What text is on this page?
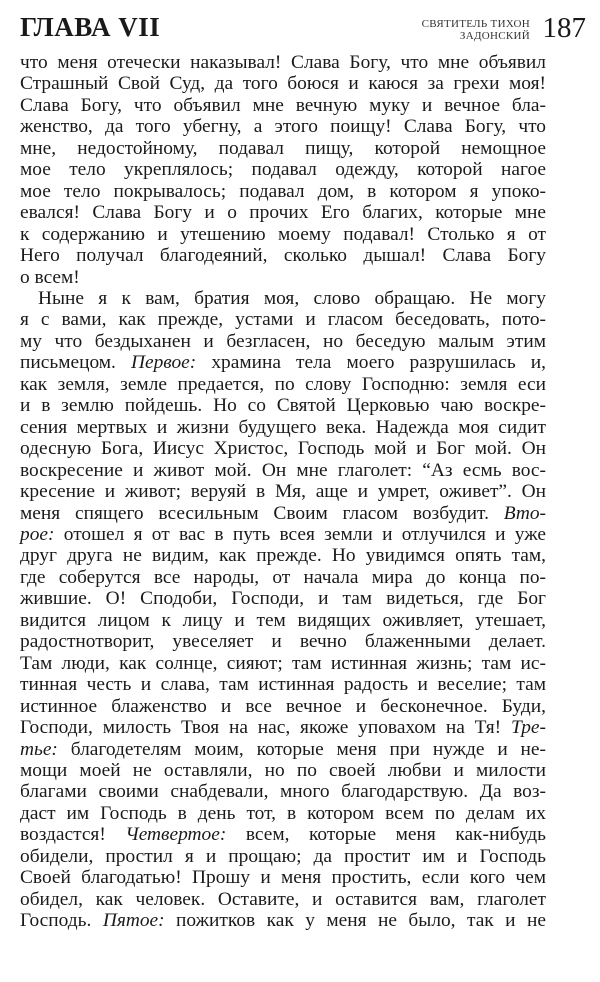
ГЛАВА VII	СВЯТИТЕЛЬ ТИХОН
ЗАДОНСКИЙ 187
что меня отечески наказывал! Слава Богу, что мне объявил
Страшный Свой Суд, да того боюся и каюся за грехи моя!
Слава Богу, что объявил мне вечную муку и вечное бла-
женство, да того убегну, а этого поищу! Слава Богу, что
мне, недостойному, подавал пищу, которой немощное
мое тело укреплялось; подавал одежду, которой нагое
мое тело покрывалось; подавал дом, в котором я упоко-
евался! Слава Богу и о прочих Его благих, которые мне
к содержанию и утешению моему подавал! Столько я от
Него получал благодеяний, сколько дышал! Слава Богу
о всем!
Ныне я к вам, братия моя, слово обращаю. Не могу
я с вами, как прежде, устами и гласом беседовать, пото-
му что бездыханен и безгласен, но беседую малым этим
письмецом. Первое: храмина тела моего разрушилась и,
как земля, земле предается, по слову Господню: земля еси
и в землю пойдешь. Но со Святой Церковью чаю воскре-
сения мертвых и жизни будущего века. Надежда моя сидит
одесную Бога, Иисус Христос, Господь мой и Бог мой. Он
воскресение и живот мой. Он мне глаголет: “Аз есмь вос-
кресение и живот; веруяй в Мя, аще и умрет, оживет”. Он
меня спящего всесильным Своим гласом возбудит. Вто-
рое: отошел я от вас в путь всея земли и отлучился и уже
друг друга не видим, как прежде. Но увидимся опять там,
где соберутся все народы, от начала мира до конца по-
жившие. О! Сподоби, Господи, и там видеться, где Бог
видится лицом к лицу и тем видящих оживляет, утешает,
радостнотворит, увеселяет и вечно блаженными делает.
Там люди, как солнце, сияют; там истинная жизнь; там ис-
тинная честь и слава, там истинная радость и веселие; там
истинное блаженство и все вечное и бесконечное. Буди,
Господи, милость Твоя на нас, якоже уповахом на Тя! Тре-
тье: благодетелям моим, которые меня при нужде и не-
мощи моей не оставляли, но по своей любви и милости
благами своими снабдевали, много благодарствую. Да воз-
даст им Господь в день тот, в котором всем по делам их
воздастся! Четвертое: всем, которые меня как-нибудь
обидели, простил я и прощаю; да простит им и Господь
Своей благодатью! Прошу и меня простить, если кого чем
обидел, как человек. Оставите, и оставится вам, глаголет
Господь. Пятое: пожитков как у меня не было, так и не
